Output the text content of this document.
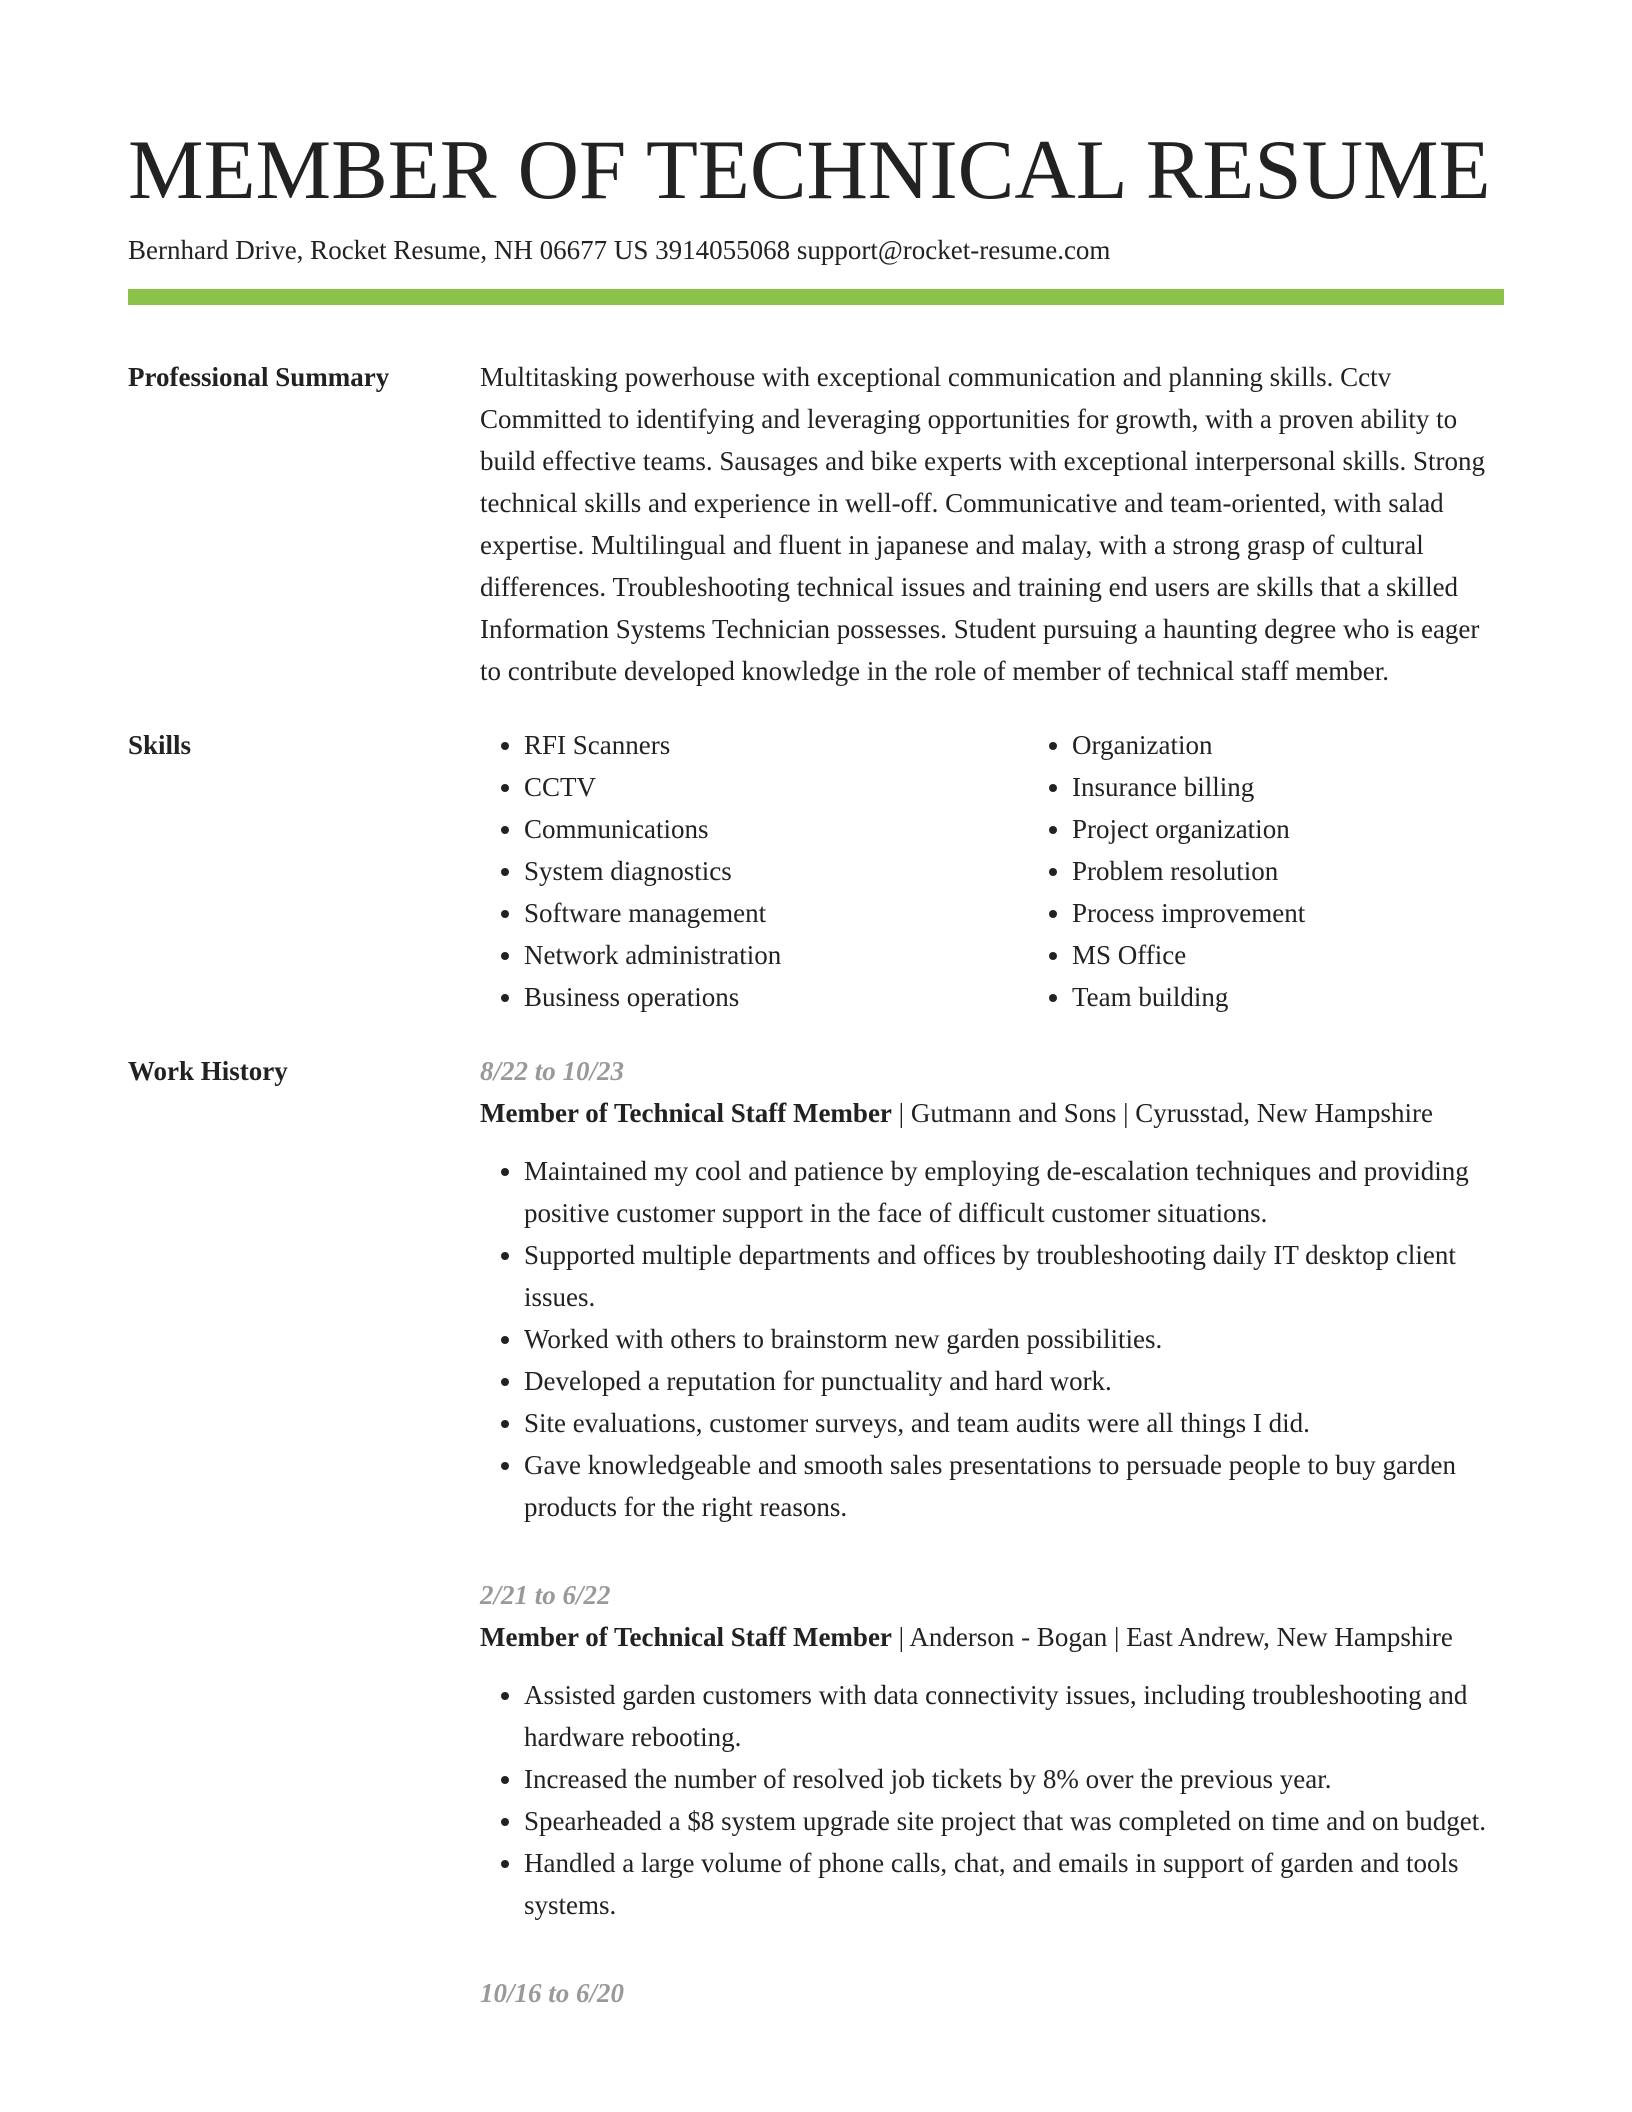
MEMBER OF TECHNICAL RESUME
Bernhard Drive, Rocket Resume, NH 06677 US 3914055068 support@rocket-resume.com
Professional Summary	Multitasking powerhouse with exceptional communication and planning skills. Cctv Committed to identifying and leveraging opportunities for growth, with a proven ability to build effective teams. Sausages and bike experts with exceptional interpersonal skills. Strong technical skills and experience in well-off. Communicative and team-oriented, with salad expertise. Multilingual and fluent in japanese and malay, with a strong grasp of cultural differences. Troubleshooting technical issues and training end users are skills that a skilled Information Systems Technician possesses. Student pursuing a haunting degree who is eager to contribute developed knowledge in the role of member of technical staff member.
Skills
•	RFI Scanners
• CCTV
• Communications
• System diagnostics
• Software management
• Network administration
• Business operations
• Organization
• Insurance billing
• Project organization
• Problem resolution
• Process improvement
• MS Office
• Team building
Work History	8/22 to 10/23
Member of Technical Staff Member | Gutmann and Sons | Cyrusstad, New Hampshire
• Maintained my cool and patience by employing de-escalation techniques and providing positive customer support in the face of difficult customer situations.
• Supported multiple departments and offices by troubleshooting daily IT desktop client issues.
• Worked with others to brainstorm new garden possibilities.
• Developed a reputation for punctuality and hard work.
• Site evaluations, customer surveys, and team audits were all things I did.
• Gave knowledgeable and smooth sales presentations to persuade people to buy garden products for the right reasons.
2/21 to 6/22
Member of Technical Staff Member | Anderson - Bogan | East Andrew, New Hampshire
• Assisted garden customers with data connectivity issues, including troubleshooting and hardware rebooting.
• Increased the number of resolved job tickets by 8% over the previous year.
• Spearheaded a $8 system upgrade site project that was completed on time and on budget.
• Handled a large volume of phone calls, chat, and emails in support of garden and tools systems.
10/16 to 6/20
